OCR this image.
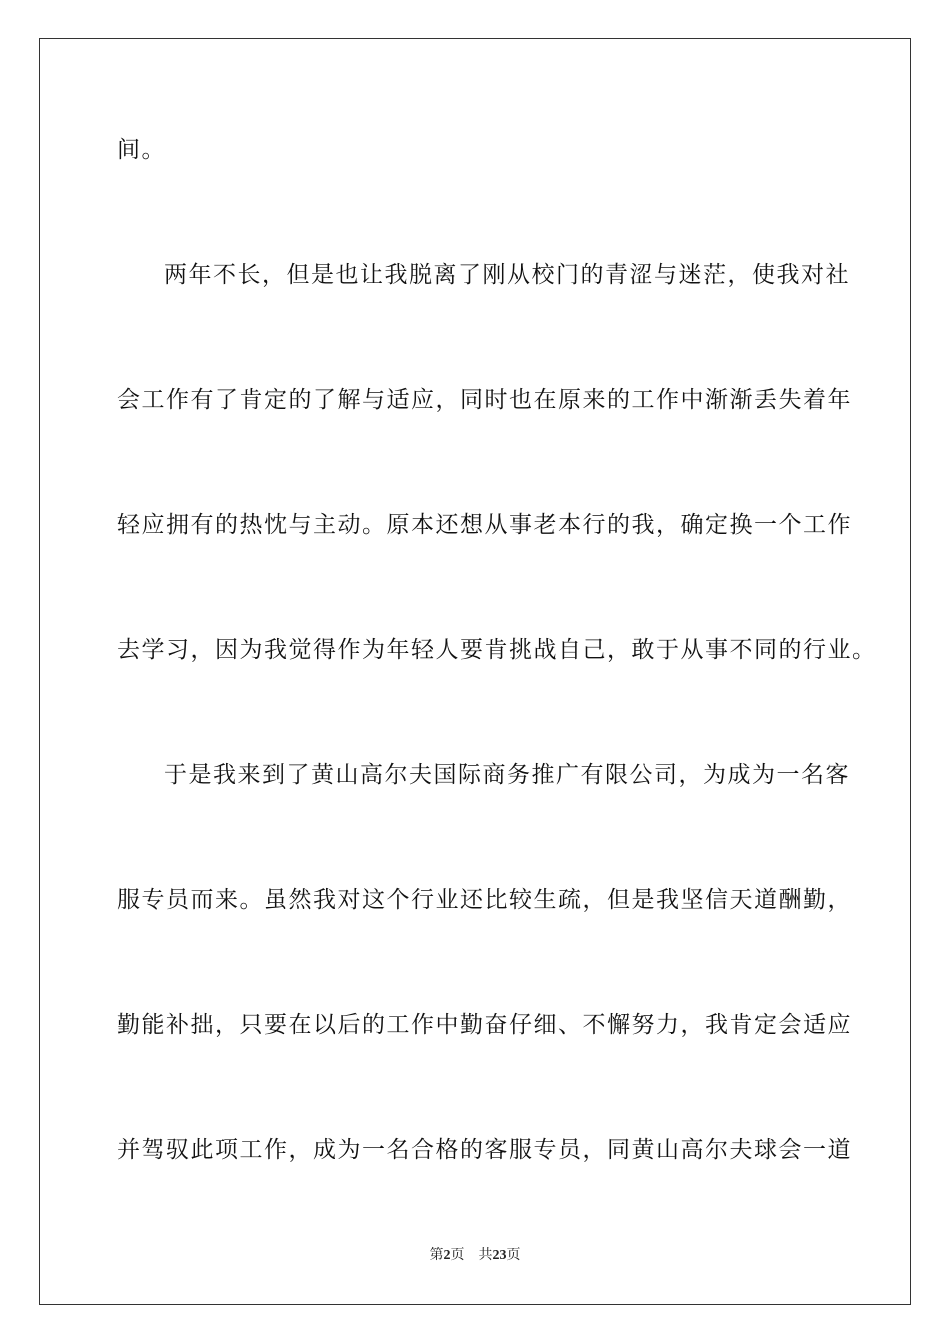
间。
两年不长，但是也让我脱离了刚从校门的青涩与迷茫，使我对社
会工作有了肯定的了解与适应，同时也在原来的工作中渐渐丢失着年
轻应拥有的热忱与主动。原本还想从事老本行的我，确定换一个工作
去学习，因为我觉得作为年轻人要肯挑战自己，敢于从事不同的行业。
于是我来到了黄山高尔夫国际商务推广有限公司，为成为一名客
服专员而来。虽然我对这个行业还比较生疏，但是我坚信天道酬勤，
勤能补拙，只要在以后的工作中勤奋仔细、不懈努力，我肯定会适应
并驾驭此项工作，成为一名合格的客服专员，同黄山高尔夫球会一道
第2页 共23页
